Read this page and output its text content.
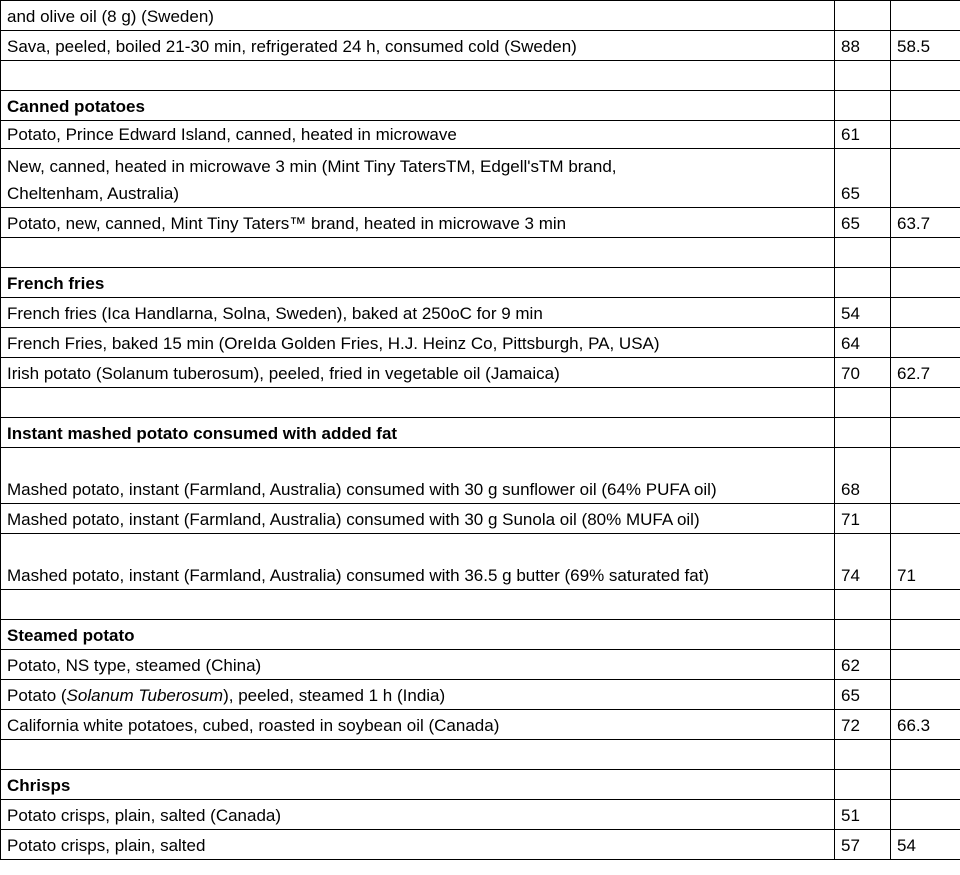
and olive oil (8 g) (Sweden)		
Sava, peeled, boiled 21-30 min, refrigerated 24 h, consumed cold (Sweden)	88	58.5

Canned potatoes		
Potato, Prince Edward Island, canned, heated in microwave	61	
New, canned, heated in microwave 3 min (Mint Tiny TatersTM, Edgell'sTM brand, Cheltenham, Australia)	65	
Potato, new, canned, Mint Tiny Taters™ brand, heated in microwave 3 min	65	63.7

French fries		
French fries (Ica Handlarna, Solna, Sweden), baked at 250oC for 9 min	54	
French Fries, baked 15 min (OreIda Golden Fries, H.J. Heinz Co, Pittsburgh, PA, USA)	64	
Irish potato (Solanum tuberosum), peeled, fried in vegetable oil (Jamaica)	70	62.7

Instant mashed potato consumed with added fat		
Mashed potato, instant (Farmland, Australia) consumed with 30 g sunflower oil (64% PUFA oil)	68	
Mashed potato, instant (Farmland, Australia) consumed with 30 g Sunola oil (80% MUFA oil)	71	
Mashed potato, instant (Farmland, Australia) consumed with 36.5 g butter (69% saturated fat)	74	71

Steamed potato		
Potato, NS type, steamed (China)	62	
Potato (Solanum Tuberosum), peeled, steamed 1 h (India)	65	
California white potatoes, cubed, roasted in soybean oil (Canada)	72	66.3

Chrisps		
Potato crisps, plain, salted (Canada)	51	
Potato crisps, plain, salted	57	54
